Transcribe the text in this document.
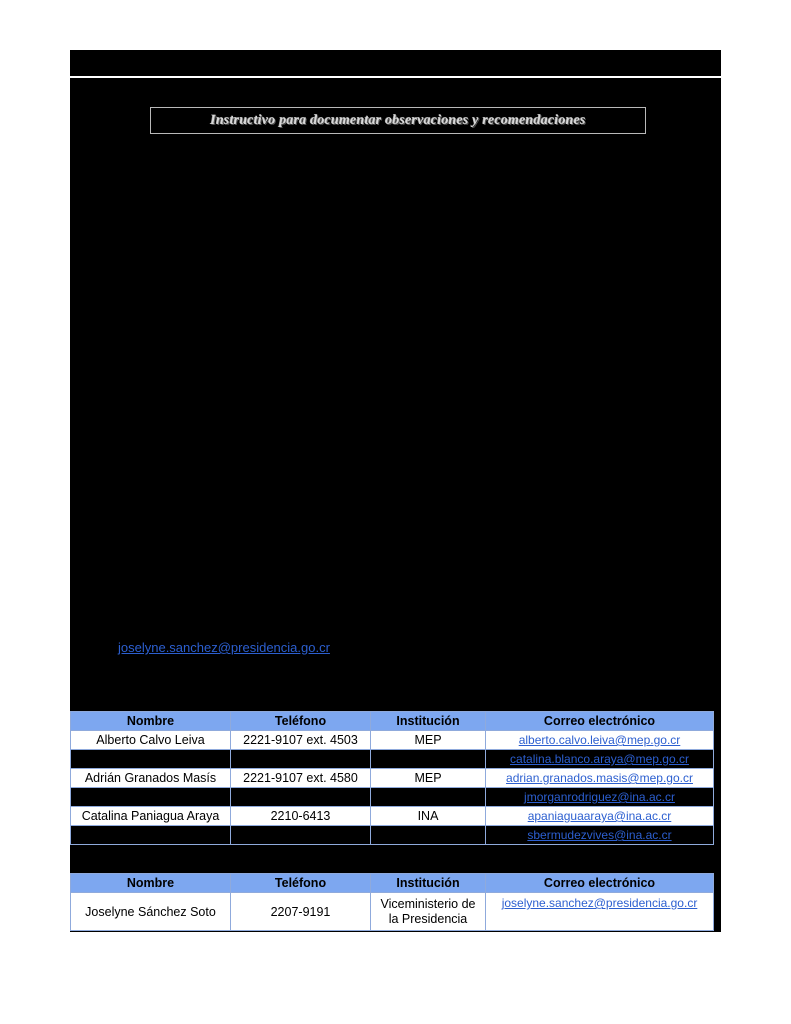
Instructivo para documentar observaciones y recomendaciones
joselyne.sanchez@presidencia.go.cr
Nombre	Teléfono	Institución	Correo electrónico
Alberto Calvo Leiva	2221-9107 ext. 4503	MEP	alberto.calvo.leiva@mep.go.cr
			catalina.blanco.araya@mep.go.cr
Adrián Granados Masís	2221-9107 ext. 4580	MEP	adrian.granados.masis@mep.go.cr
			jmorganrodriguez@ina.ac.cr
Catalina Paniagua Araya	2210-6413	INA	apaniaguaaraya@ina.ac.cr
			sbermudezvives@ina.ac.cr
Nombre	Teléfono	Institución	Correo electrónico
Joselyne Sánchez Soto	2207-9191	Viceministerio de la Presidencia	joselyne.sanchez@presidencia.go.cr
